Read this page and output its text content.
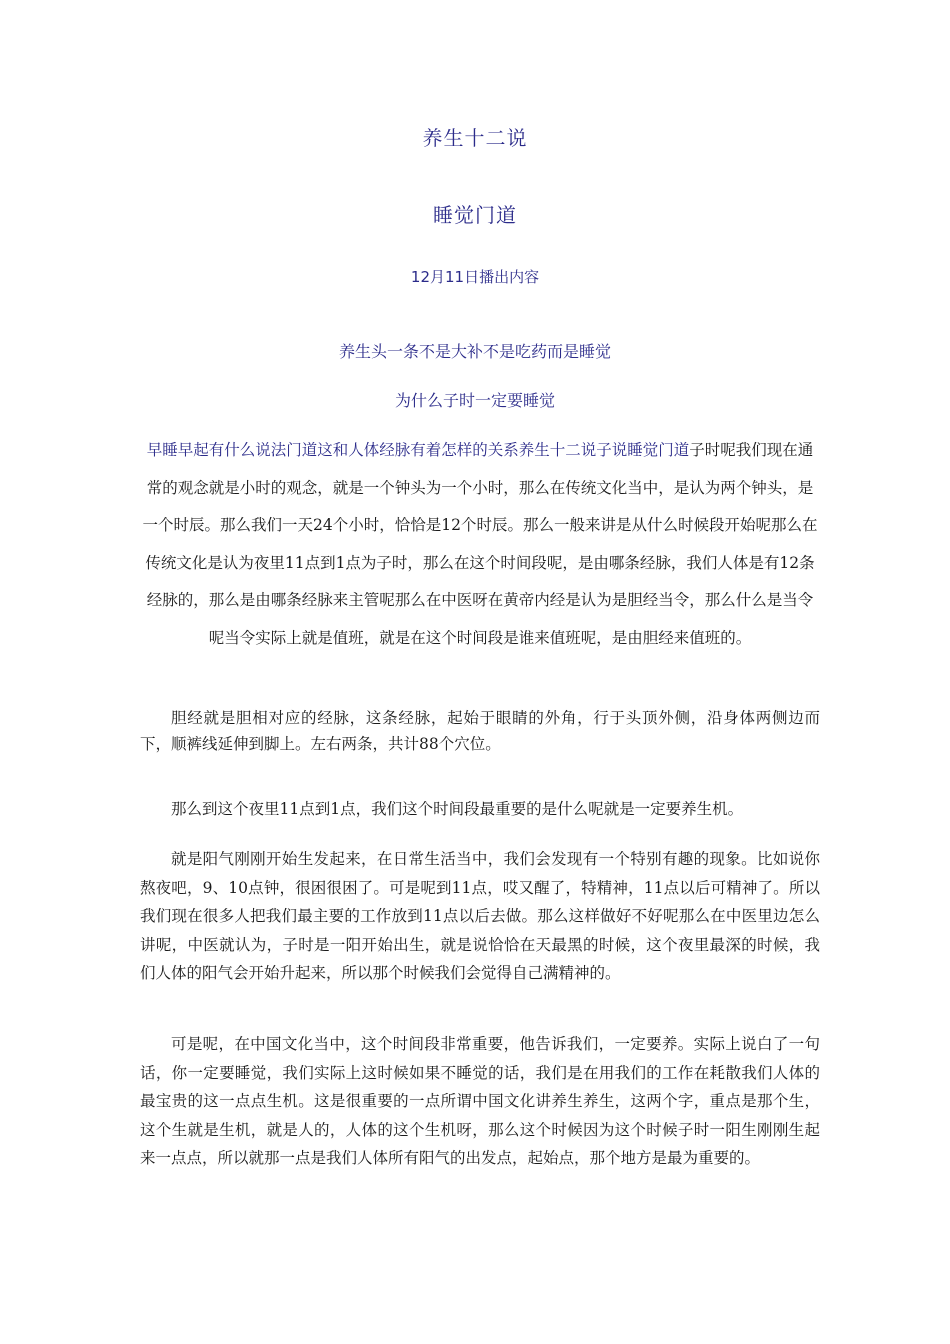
养生十二说
睡觉门道
12月11日播出内容
养生头一条不是大补不是吃药而是睡觉
为什么子时一定要睡觉
早睡早起有什么说法门道这和人体经脉有着怎样的关系养生十二说子说睡觉门道子时呢我们现在通常的观念就是小时的观念，就是一个钟头为一个小时，那么在传统文化当中，是认为两个钟头，是一个时辰。那么我们一天24个小时，恰恰是12个时辰。那么一般来讲是从什么时候段开始呢那么在传统文化是认为夜里11点到1点为子时，那么在这个时间段呢，是由哪条经脉，我们人体是有12条经脉的，那么是由哪条经脉来主管呢那么在中医呀在黄帝内经是认为是胆经当令，那么什么是当令呢当令实际上就是值班，就是在这个时间段是谁来值班呢，是由胆经来值班的。
胆经就是胆相对应的经脉，这条经脉，起始于眼睛的外角，行于头顶外侧，沿身体两侧边而下，顺裤线延伸到脚上。左右两条，共计88个穴位。
那么到这个夜里11点到1点，我们这个时间段最重要的是什么呢就是一定要养生机。
就是阳气刚刚开始生发起来，在日常生活当中，我们会发现有一个特别有趣的现象。比如说你熬夜吧，9、10点钟，很困很困了。可是呢到11点，哎又醒了，特精神，11点以后可精神了。所以我们现在很多人把我们最主要的工作放到11点以后去做。那么这样做好不好呢那么在中医里边怎么讲呢，中医就认为，子时是一阳开始出生，就是说恰恰在天最黑的时候，这个夜里最深的时候，我们人体的阳气会开始升起来，所以那个时候我们会觉得自己满精神的。
可是呢，在中国文化当中，这个时间段非常重要，他告诉我们，一定要养。实际上说白了一句话，你一定要睡觉，我们实际上这时候如果不睡觉的话，我们是在用我们的工作在耗散我们人体的最宝贵的这一点点生机。这是很重要的一点所谓中国文化讲养生养生，这两个字，重点是那个生，这个生就是生机，就是人的，人体的这个生机呀，那么这个时候因为这个时候子时一阳生刚刚生起来一点点，所以就那一点是我们人体所有阳气的出发点，起始点，那个地方是最为重要的。
